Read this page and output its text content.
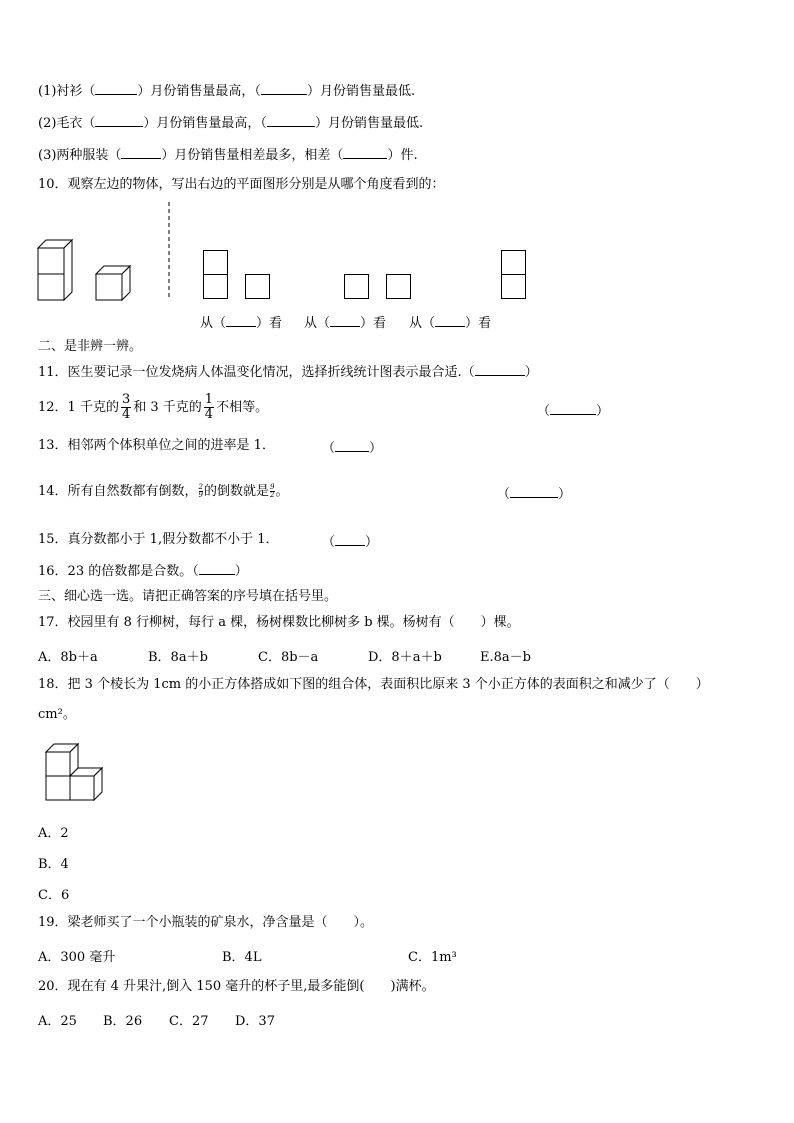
(1)衬衫（	）月份销售量最高，（	）月份销售量最低.
(2)毛衣（	）月份销售量最高，（	）月份销售量最低.
(3)两种服装（	）月份销售量相差最多，相差（	）件.
10．观察左边的物体，写出右边的平面图形分别是从哪个角度看到的：
从（ ）看 从（ ）看 从（ ）看
二、是非辨一辨。
11．医生要记录一位发烧病人体温变化情况，选择折线统计图表示最合适.（	）
12．1 千克的 $\frac{3}{4}$ 和 3 千克的 $\frac{1}{4}$ 不相等。	（	）
13．相邻两个体积单位之间的进率是 1．	（	）
14．所有自然数都有倒数， $\frac{2}{9}$ 的倒数就是 $\frac{9}{2}$ 。	（	）
15．真分数都小于 1,假分数都不小于 1．	（ ）
16．23 的倍数都是合数。（	）
三、细心选一选。请把正确答案的序号填在括号里。
17．校园里有 8 行柳树，每行 a 棵，杨树棵数比柳树多 b 棵。杨树有（　　）棵。
A．8b＋a	B．8a＋b	C．8b－a	D．8＋a＋b	E.8a－b
18．把 3 个棱长为 1cm 的小正方体搭成如下图的组合体，表面积比原来 3 个小正方体的表面积之和减少了（　　）
cm²。
A．2
B．4
C．6
19．梁老师买了一个小瓶装的矿泉水，净含量是（　　）。
A．300 毫升	B．4L	C．1m³
20．现在有 4 升果汁,倒入 150 毫升的杯子里,最多能倒(　　)满杯。
A．25 B．26 C．27 D．37
